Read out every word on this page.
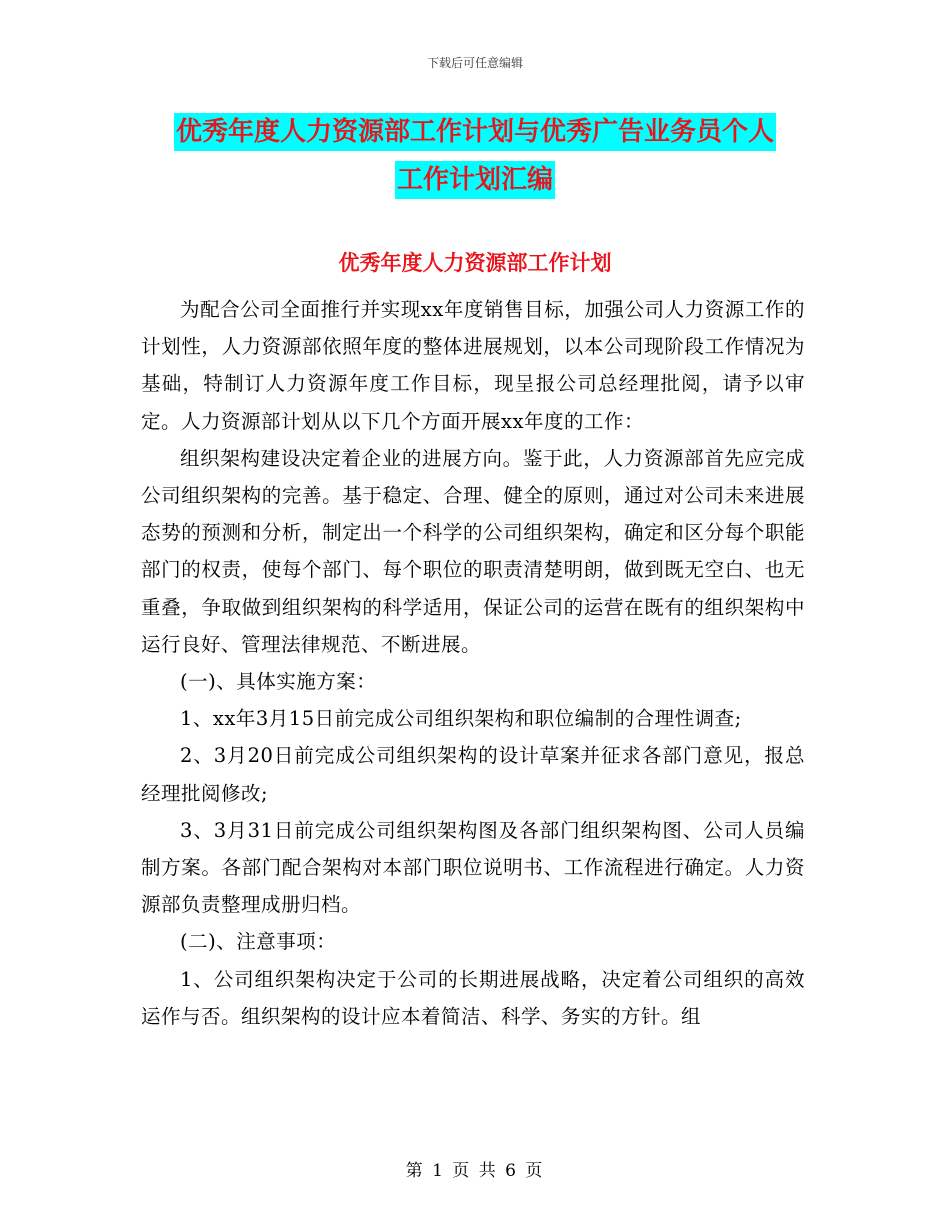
下载后可任意编辑
优秀年度人力资源部工作计划与优秀广告业务员个人
工作计划汇编
优秀年度人力资源部工作计划

为配合公司全面推行并实现xx年度销售目标，加强公司人力资源工作的计划性，人力资源部依照年度的整体进展规划，以本公司现阶段工作情况为基础，特制订人力资源年度工作目标，现呈报公司总经理批阅，请予以审定。人力资源部计划从以下几个方面开展xx年度的工作：

组织架构建设决定着企业的进展方向。鉴于此，人力资源部首先应完成公司组织架构的完善。基于稳定、合理、健全的原则，通过对公司未来进展态势的预测和分析，制定出一个科学的公司组织架构，确定和区分每个职能部门的权责，使每个部门、每个职位的职责清楚明朗，做到既无空白、也无重叠，争取做到组织架构的科学适用，保证公司的运营在既有的组织架构中运行良好、管理法律规范、不断进展。

(一)、具体实施方案：

1、xx年3月15日前完成公司组织架构和职位编制的合理性调查;

2、3月20日前完成公司组织架构的设计草案并征求各部门意见，报总经理批阅修改;

3、3月31日前完成公司组织架构图及各部门组织架构图、公司人员编制方案。各部门配合架构对本部门职位说明书、工作流程进行确定。人力资源部负责整理成册归档。

(二)、注意事项：

1、公司组织架构决定于公司的长期进展战略，决定着公司组织的高效运作与否。组织架构的设计应本着简洁、科学、务实的方针。组

第 1 页 共 6 页
